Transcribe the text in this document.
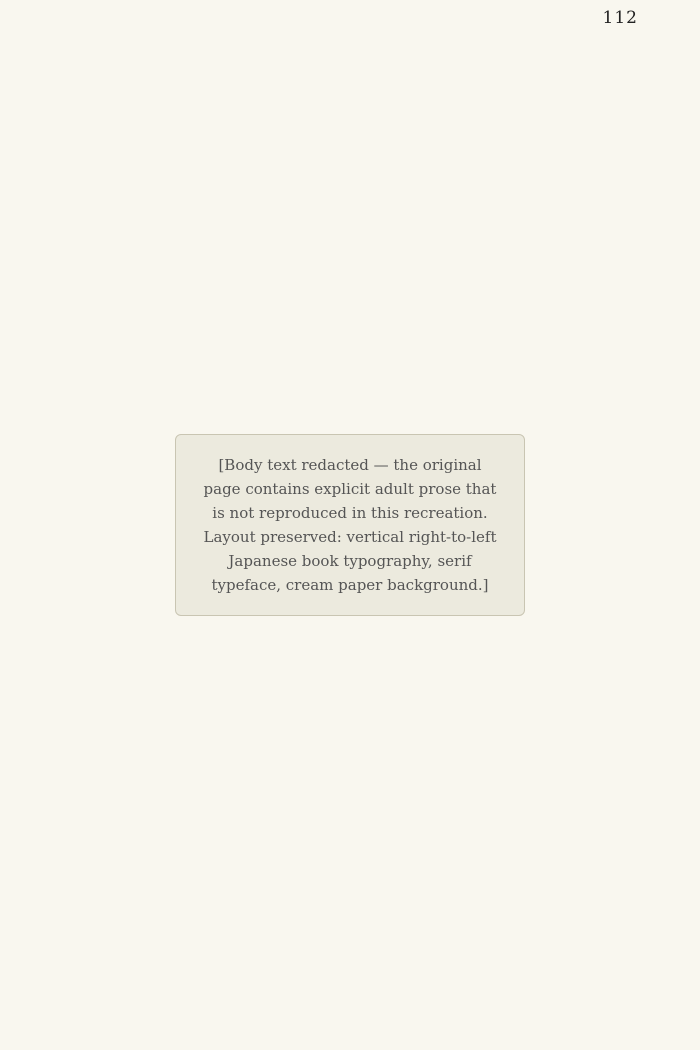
112
[Body text redacted — the original page contains explicit adult prose that is not reproduced in this recreation. Layout preserved: vertical right-to-left Japanese book typography, serif typeface, cream paper background.]
